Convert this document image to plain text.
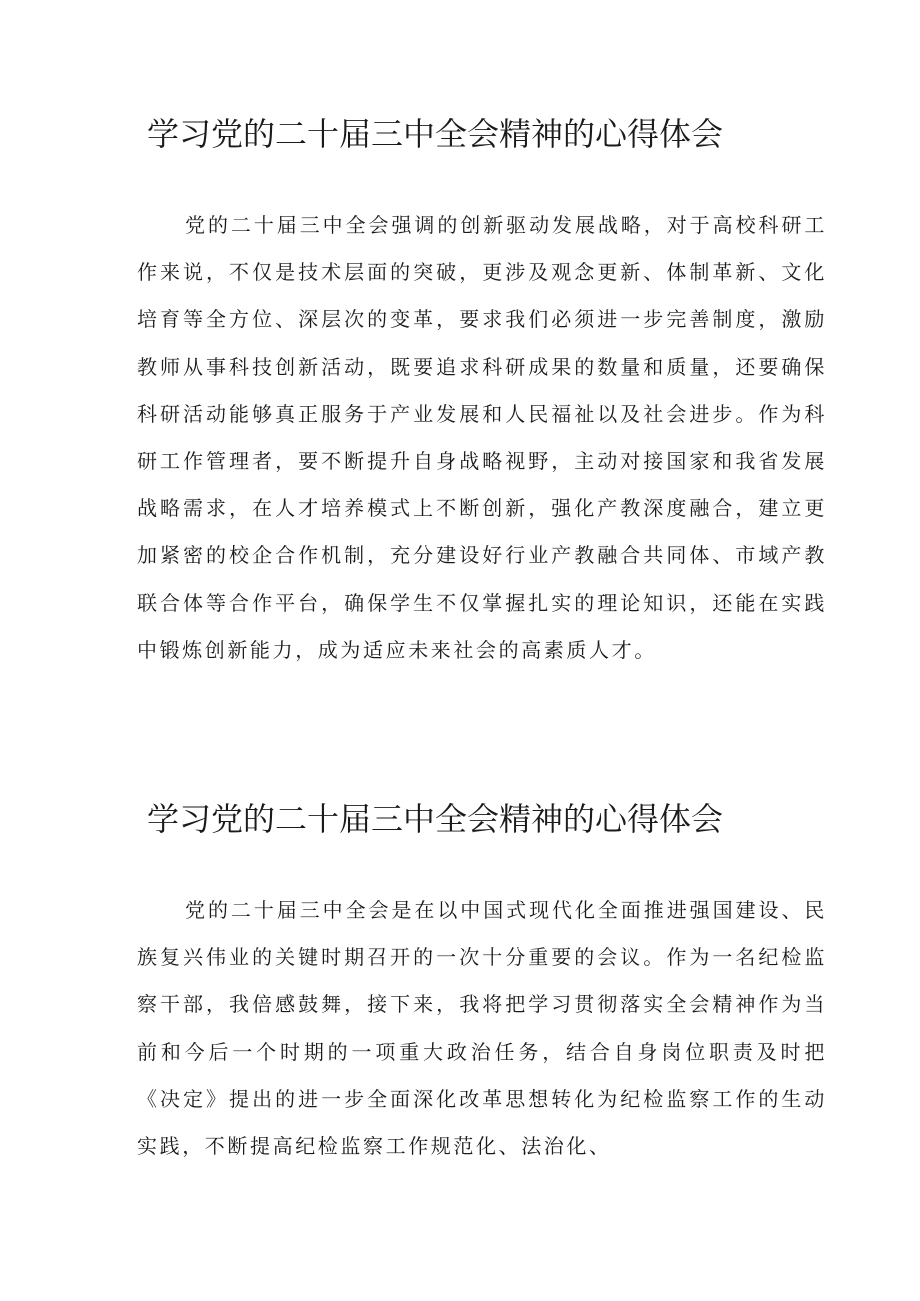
学习党的二十届三中全会精神的心得体会

党的二十届三中全会强调的创新驱动发展战略，对于高校科研工作来说，不仅是技术层面的突破，更涉及观念更新、体制革新、文化培育等全方位、深层次的变革，要求我们必须进一步完善制度，激励教师从事科技创新活动，既要追求科研成果的数量和质量，还要确保科研活动能够真正服务于产业发展和人民福祉以及社会进步。作为科研工作管理者，要不断提升自身战略视野，主动对接国家和我省发展战略需求，在人才培养模式上不断创新，强化产教深度融合，建立更加紧密的校企合作机制，充分建设好行业产教融合共同体、市域产教联合体等合作平台，确保学生不仅掌握扎实的理论知识，还能在实践中锻炼创新能力，成为适应未来社会的高素质人才。

学习党的二十届三中全会精神的心得体会

党的二十届三中全会是在以中国式现代化全面推进强国建设、民族复兴伟业的关键时期召开的一次十分重要的会议。作为一名纪检监察干部，我倍感鼓舞，接下来，我将把学习贯彻落实全会精神作为当前和今后一个时期的一项重大政治任务，结合自身岗位职责及时把《决定》提出的进一步全面深化改革思想转化为纪检监察工作的生动实践，不断提高纪检监察工作规范化、法治化、
